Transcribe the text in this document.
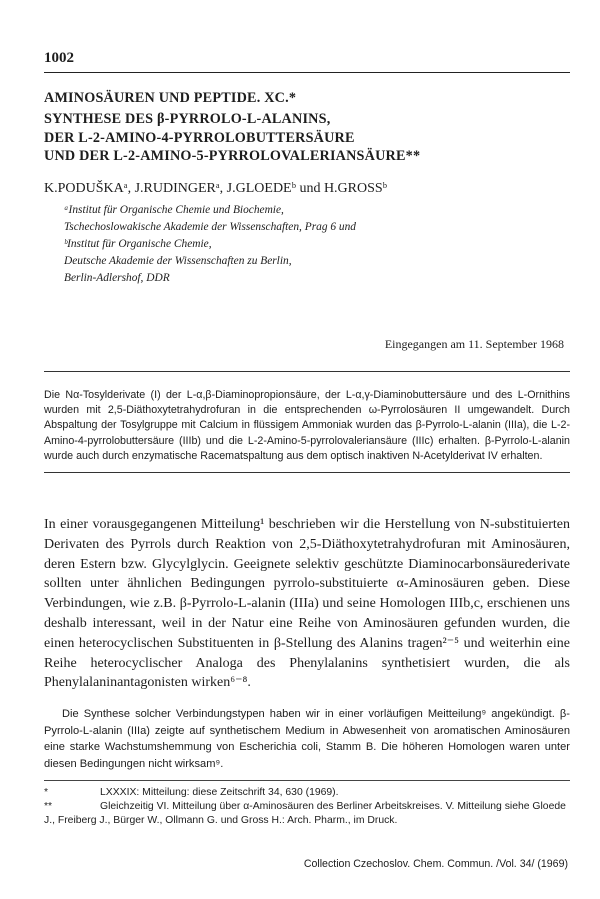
1002
AMINOSÄUREN UND PEPTIDE. XC.*
SYNTHESE DES β-PYRROLO-L-ALANINS,
DER L-2-AMINO-4-PYRROLOBUTTERSÄURE
UND DER L-2-AMINO-5-PYRROLOVALERIANSÄURE**
K.PODUŠKAᵃ, J.RUDINGERᵃ, J.GLOEDEᵇ und H.GROSSᵇ
ᵃInstitut für Organische Chemie und Biochemie,
Tschechoslowakische Akademie der Wissenschaften, Prag 6 und
ᵇInstitut für Organische Chemie,
Deutsche Akademie der Wissenschaften zu Berlin,
Berlin-Adlershof, DDR
Eingegangen am 11. September 1968
Die Nα-Tosylderivate (I) der L-α,β-Diaminopropionsäure, der L-α,γ-Diaminobuttersäure und des L-Ornithins wurden mit 2,5-Diäthoxytetrahydrofuran in die entsprechenden ω-Pyrrolosäuren II umgewandelt. Durch Abspaltung der Tosylgruppe mit Calcium in flüssigem Ammoniak wurden das β-Pyrrolo-L-alanin (IIIa), die L-2-Amino-4-pyrrolobuttersäure (IIIb) und die L-2-Amino-5-pyrrolovaleriansäure (IIIc) erhalten. β-Pyrrolo-L-alanin wurde auch durch enzymatische Racematspaltung aus dem optisch inaktiven N-Acetylderivat IV erhalten.
In einer vorausgegangenen Mitteilung¹ beschrieben wir die Herstellung von N-substituierten Derivaten des Pyrrols durch Reaktion von 2,5-Diäthoxytetrahydrofuran mit Aminosäuren, deren Estern bzw. Glycylglycin. Geeignete selektiv geschützte Diaminocarbonsäurederivate sollten unter ähnlichen Bedingungen pyrrolo-substituierte α-Aminosäuren geben. Diese Verbindungen, wie z.B. β-Pyrrolo-L-alanin (IIIa) und seine Homologen IIIb,c, erschienen uns deshalb interessant, weil in der Natur eine Reihe von Aminosäuren gefunden wurden, die einen heterocyclischen Substituenten in β-Stellung des Alanins tragen²⁻⁵ und weiterhin eine Reihe heterocyclischer Analoga des Phenylalanins synthetisiert wurden, die als Phenylalaninantagonisten wirken⁶⁻⁸.
Die Synthese solcher Verbindungstypen haben wir in einer vorläufigen Meitteilung⁹ angekündigt. β-Pyrrolo-L-alanin (IIIa) zeigte auf synthetischem Medium in Abwesenheit von aromatischen Aminosäuren eine starke Wachstumshemmung von Escherichia coli, Stamm B. Die höheren Homologen waren unter diesen Bedingungen nicht wirksam⁹.
*	LXXXIX: Mitteilung: diese Zeitschrift 34, 630 (1969).
**	Gleichzeitig VI. Mitteilung über α-Aminosäuren des Berliner Arbeitskreises. V. Mitteilung siehe Gloede J., Freiberg J., Bürger W., Ollmann G. und Gross H.: Arch. Pharm., im Druck.
Collection Czechoslov. Chem. Commun. /Vol. 34/ (1969)
